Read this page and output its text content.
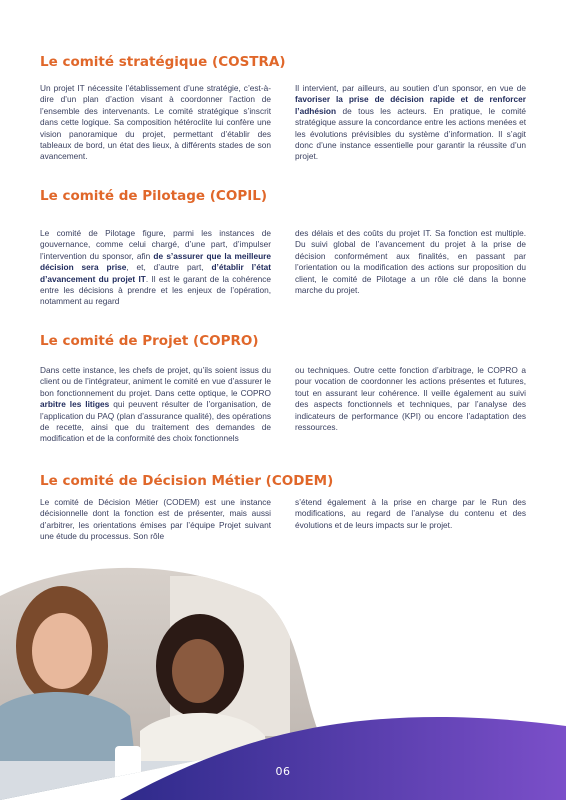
Le comité stratégique (COSTRA)
Un projet IT nécessite l’établissement d’une stratégie, c’est-à-dire d’un plan d’action visant à coordonner l’action de l’ensemble des intervenants. Le comité stratégique s’inscrit dans cette logique. Sa composition hétéroclite lui confère une vision panoramique du projet, permettant d’établir des tableaux de bord, un état des lieux, à différents stades de son avancement.
Il intervient, par ailleurs, au soutien d’un sponsor, en vue de favoriser la prise de décision rapide et de renforcer l’adhésion de tous les acteurs. En pratique, le comité stratégique assure la concordance entre les actions menées et les évolutions prévisibles du système d’information. Il s’agit donc d’une instance essentielle pour garantir la réussite d’un projet.
Le comité de Pilotage (COPIL)
Le comité de Pilotage figure, parmi les instances de gouvernance, comme celui chargé, d’une part, d’impulser l’intervention du sponsor, afin de s’assurer que la meilleure décision sera prise, et, d’autre part, d’établir l’état d’avancement du projet IT. Il est le garant de la cohérence entre les décisions à prendre et les enjeux de l’opération, notamment au regard
des délais et des coûts du projet IT. Sa fonction est multiple. Du suivi global de l’avancement du projet à la prise de décision conformément aux finalités, en passant par l’orientation ou la modification des actions sur proposition du client, le comité de Pilotage a un rôle clé dans la bonne marche du projet.
Le comité de Projet (COPRO)
Dans cette instance, les chefs de projet, qu’ils soient issus du client ou de l’intégrateur, animent le comité en vue d’assurer le bon fonctionnement du projet. Dans cette optique, le COPRO arbitre les litiges qui peuvent résulter de l’organisation, de l’application du PAQ (plan d’assurance qualité), des opérations de recette, ainsi que du traitement des demandes de modification et de la conformité des choix fonctionnels
ou techniques. Outre cette fonction d’arbitrage, le COPRO a pour vocation de coordonner les actions présentes et futures, tout en assurant leur cohérence. Il veille également au suivi des aspects fonctionnels et techniques, par l’analyse des indicateurs de performance (KPI) ou encore l’adaptation des ressources.
Le comité de Décision Métier (CODEM)
Le comité de Décision Métier (CODEM) est une instance décisionnelle dont la fonction est de présenter, mais aussi d’arbitrer, les orientations émises par l’équipe Projet suivant une étude du processus. Son rôle
s’étend également à la prise en charge par le Run des modifications, au regard de l’analyse du contenu et des évolutions et de leurs impacts sur le projet.
06
